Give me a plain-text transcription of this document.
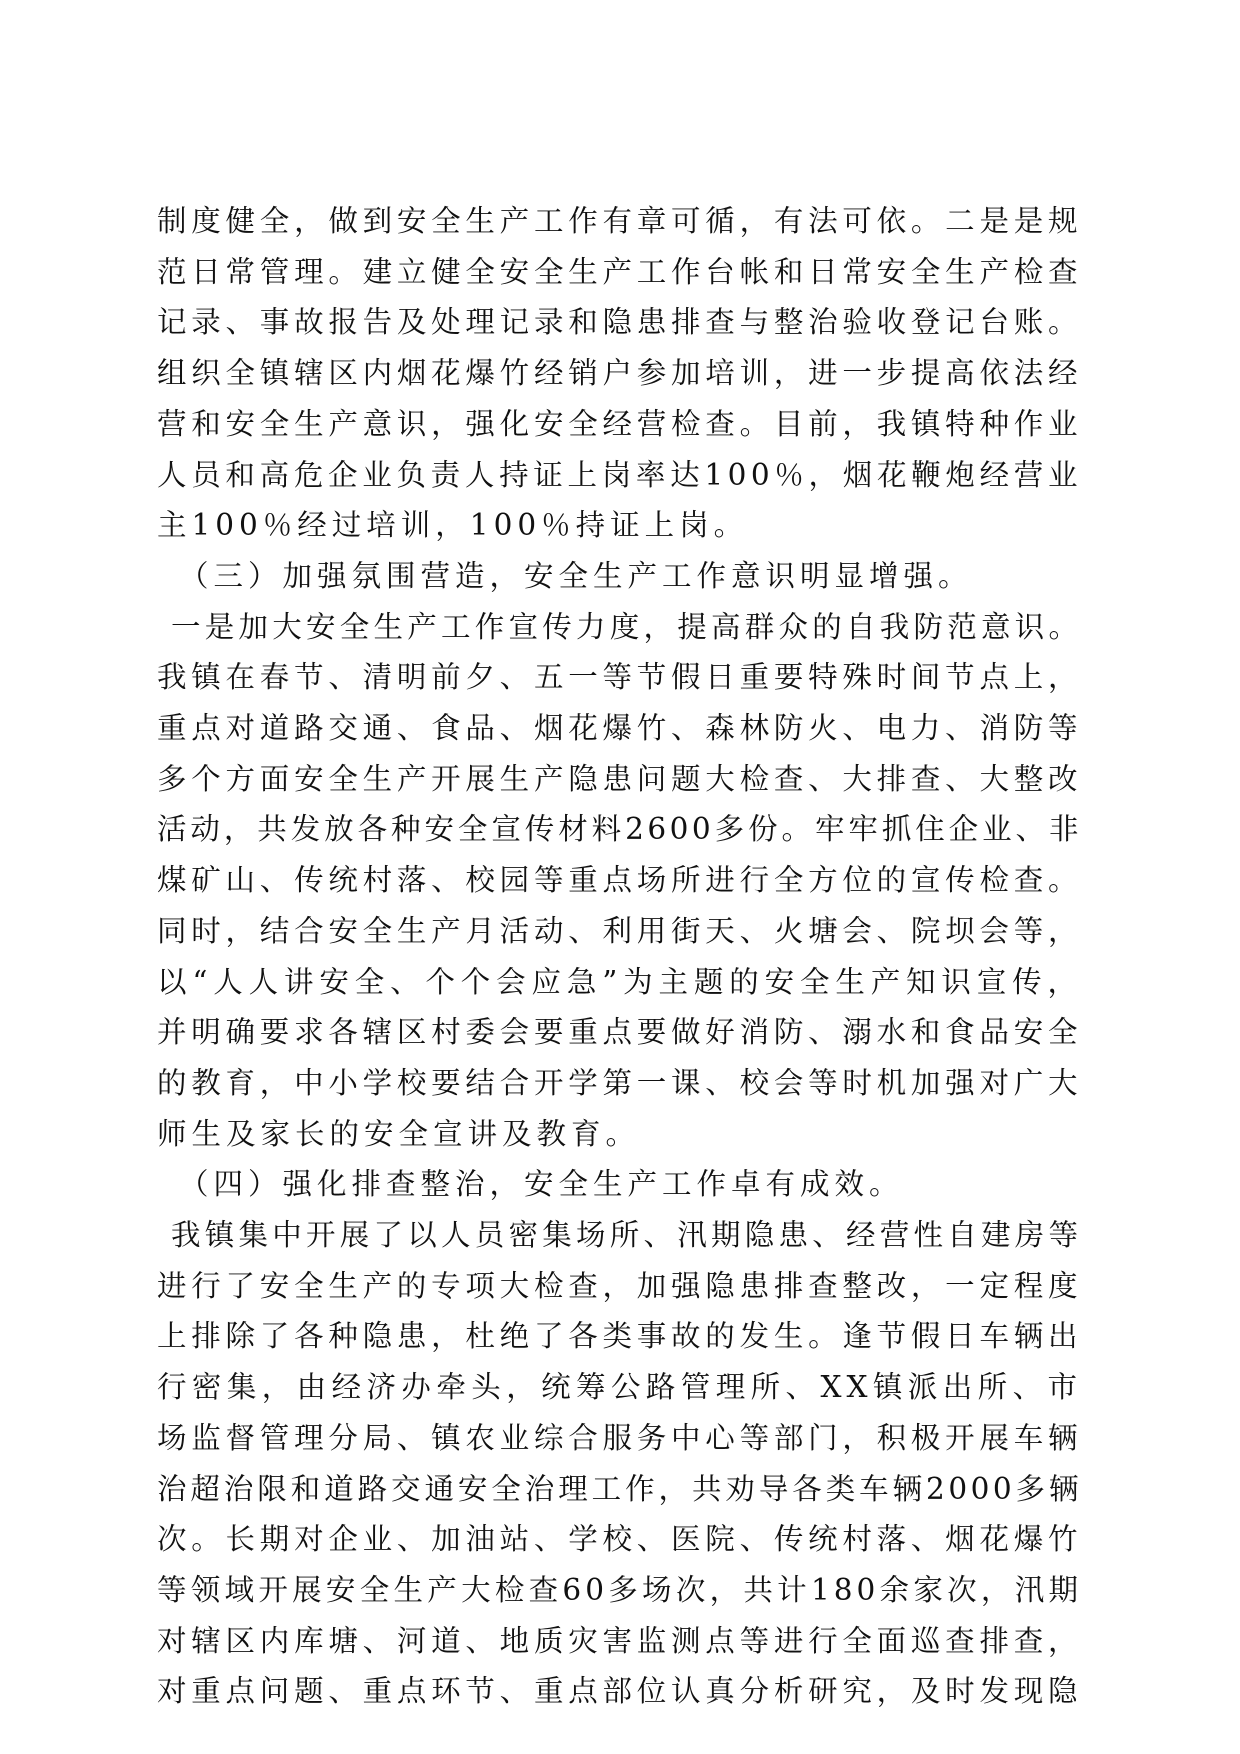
制度健全，做到安全生产工作有章可循，有法可依。二是是规
范日常管理。建立健全安全生产工作台帐和日常安全生产检查
记录、事故报告及处理记录和隐患排查与整治验收登记台账。
组织全镇辖区内烟花爆竹经销户参加培训，进一步提高依法经
营和安全生产意识，强化安全经营检查。目前，我镇特种作业
人员和高危企业负责人持证上岗率达100％，烟花鞭炮经营业
主100％经过培训，100％持证上岗。
（三）加强氛围营造，安全生产工作意识明显增强。
一是加大安全生产工作宣传力度，提高群众的自我防范意识。
我镇在春节、清明前夕、五一等节假日重要特殊时间节点上，
重点对道路交通、食品、烟花爆竹、森林防火、电力、消防等
多个方面安全生产开展生产隐患问题大检查、大排查、大整改
活动，共发放各种安全宣传材料2600多份。牢牢抓住企业、非
煤矿山、传统村落、校园等重点场所进行全方位的宣传检查。
同时，结合安全生产月活动、利用街天、火塘会、院坝会等，
以“人人讲安全、个个会应急”为主题的安全生产知识宣传，
并明确要求各辖区村委会要重点要做好消防、溺水和食品安全
的教育，中小学校要结合开学第一课、校会等时机加强对广大
师生及家长的安全宣讲及教育。
（四）强化排查整治，安全生产工作卓有成效。
我镇集中开展了以人员密集场所、汛期隐患、经营性自建房等
进行了安全生产的专项大检查，加强隐患排查整改，一定程度
上排除了各种隐患，杜绝了各类事故的发生。逢节假日车辆出
行密集，由经济办牵头，统筹公路管理所、XX镇派出所、市
场监督管理分局、镇农业综合服务中心等部门，积极开展车辆
治超治限和道路交通安全治理工作，共劝导各类车辆2000多辆
次。长期对企业、加油站、学校、医院、传统村落、烟花爆竹
等领域开展安全生产大检查60多场次，共计180余家次，汛期
对辖区内库塘、河道、地质灾害监测点等进行全面巡查排查，
对重点问题、重点环节、重点部位认真分析研究，及时发现隐
